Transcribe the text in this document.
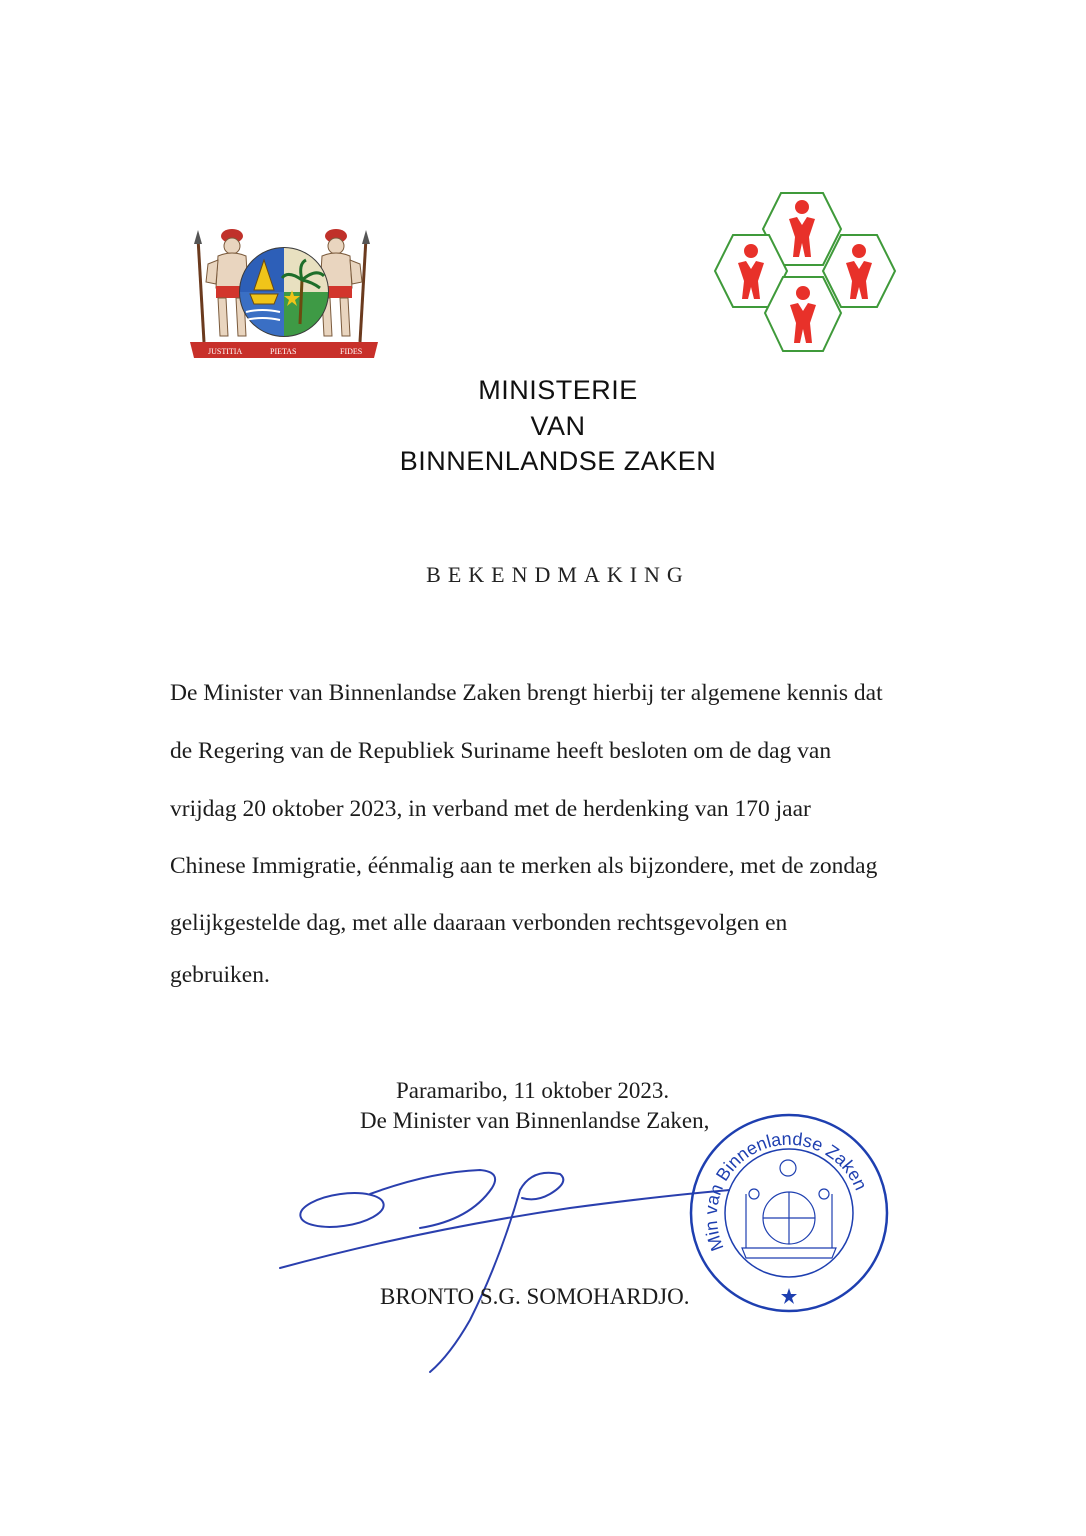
JUSTITIA	PIETAS	FIDES
MINISTERIE
VAN
BINNENLANDSE ZAKEN
BEKENDMAKING
De Minister van Binnenlandse Zaken brengt hierbij ter algemene kennis dat
de Regering van de Republiek Suriname heeft besloten om de dag van
vrijdag 20 oktober 2023, in verband met de herdenking van 170 jaar
Chinese Immigratie, éénmalig aan te merken als bijzondere, met de zondag
gelijkgestelde dag, met alle daaraan verbonden rechtsgevolgen en
gebruiken.
Paramaribo, 11 oktober 2023.
De Minister van Binnenlandse Zaken,
BRONTO S.G. SOMOHARDJO.
Min van Binnenlandse Zaken
